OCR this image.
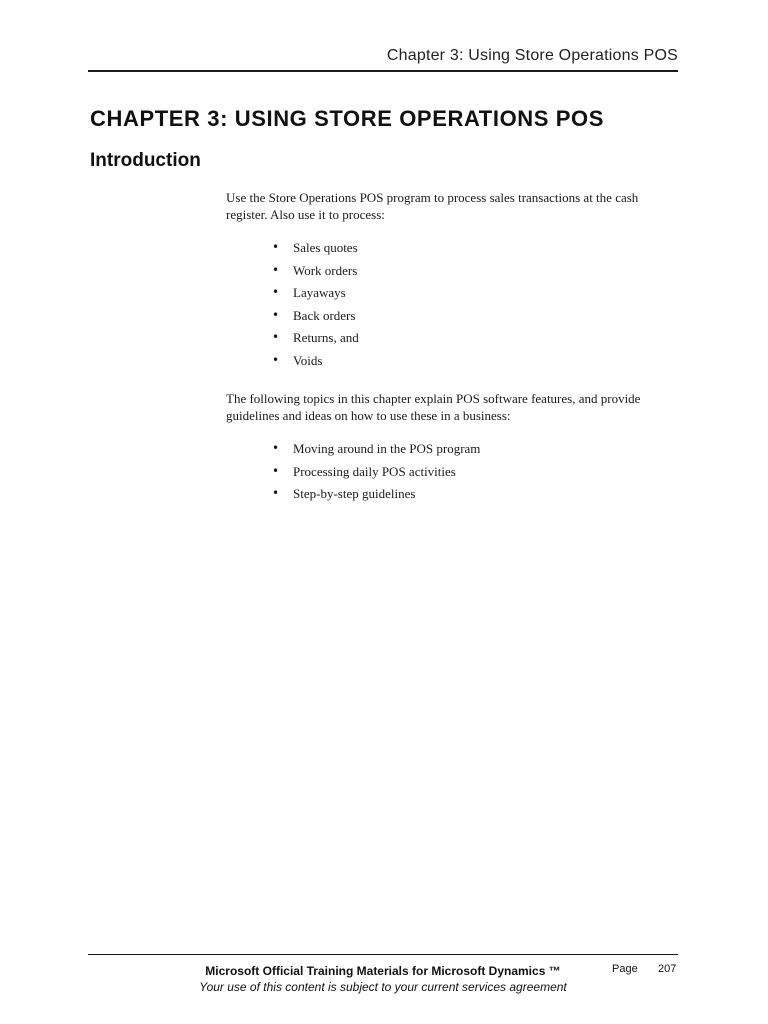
Chapter 3: Using Store Operations POS
CHAPTER 3: USING STORE OPERATIONS POS
Introduction

Use the Store Operations POS program to process sales transactions at the cash register. Also use it to process:

• Sales quotes
• Work orders
• Layaways
• Back orders
• Returns, and
• Voids

The following topics in this chapter explain POS software features, and provide guidelines and ideas on how to use these in a business:

• Moving around in the POS program
• Processing daily POS activities
• Step-by-step guidelines
Microsoft Official Training Materials for Microsoft Dynamics ™
Your use of this content is subject to your current services agreement
Page 207
